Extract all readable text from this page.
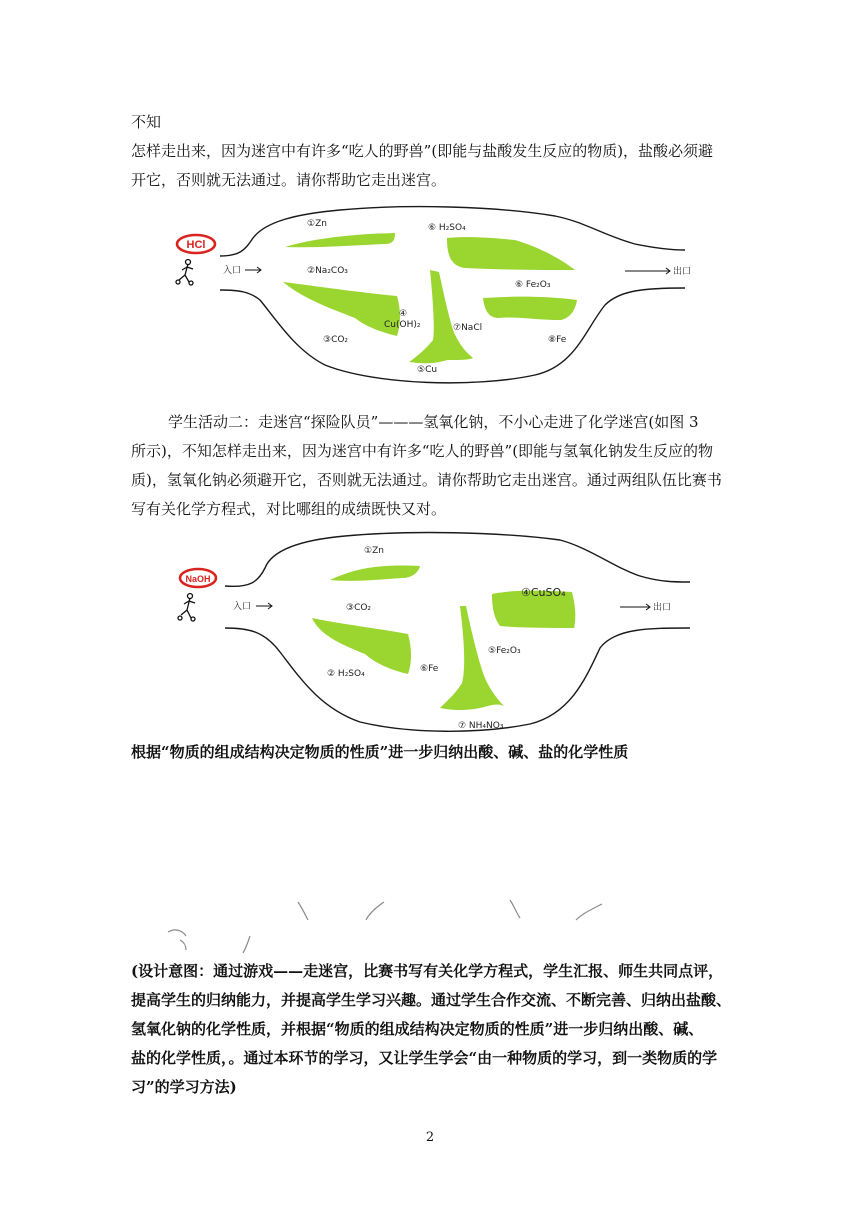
不知

怎样走出来，因为迷宫中有许多“吃人的野兽”(即能与盐酸发生反应的物质)，盐酸必须避

开它，否则就无法通过。请你帮助它走出迷宫。

HCl
入口	出口
①Zn
②Na₂CO₃
③CO₂
④
Cu(OH)₂
⑤Cu
⑥ H₂SO₄
⑥ Fe₂O₃
⑦NaCl
⑧Fe

学生活动二：走迷宫“探险队员”———氢氧化钠，不小心走进了化学迷宫(如图 3

所示)，不知怎样走出来，因为迷宫中有许多“吃人的野兽”(即能与氢氧化钠发生反应的物

质)，氢氧化钠必须避开它，否则就无法通过。请你帮助它走出迷宫。通过两组队伍比赛书

写有关化学方程式，对比哪组的成绩既快又对。

NaOH
入口	出口
①Zn
③CO₂
④CuSO₄
② H₂SO₄	⑥Fe
⑤Fe₂O₃
⑦ NH₄NO₃

根据“物质的组成结构决定物质的性质”进一步归纳出酸、碱、盐的化学性质

(设计意图：通过游戏——走迷宫，比赛书写有关化学方程式，学生汇报、师生共同点评，

提高学生的归纳能力，并提高学生学习兴趣。通过学生合作交流、不断完善、归纳出盐酸、

氢氧化钠的化学性质，并根据“物质的组成结构决定物质的性质”进一步归纳出酸、碱、

盐的化学性质，。通过本环节的学习，又让学生学会“由一种物质的学习，到一类物质的学

习”的学习方法)

2
